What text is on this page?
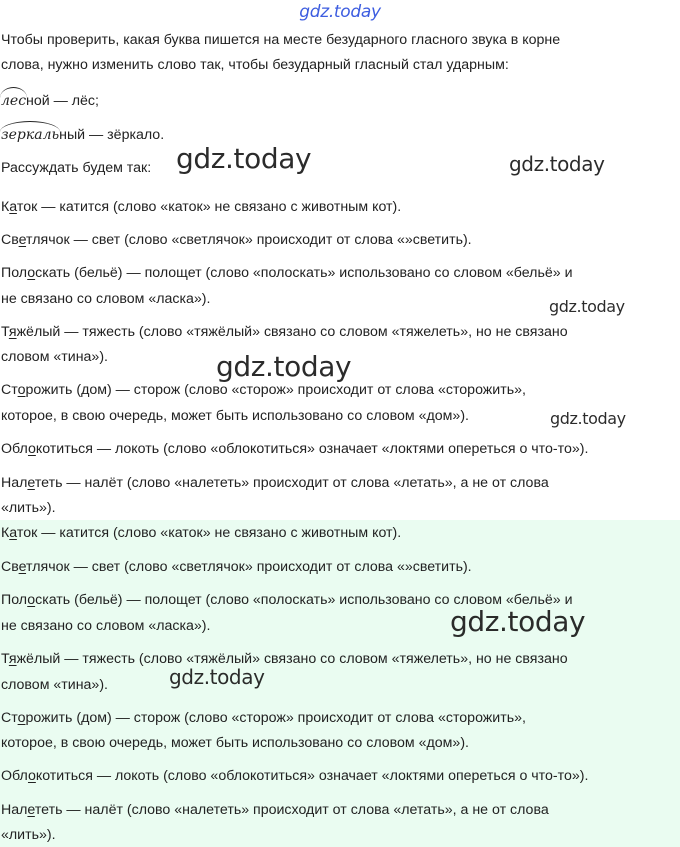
gdz.today
Чтобы проверить, какая буква пишется на месте безударного гласного звука в корне
слова, нужно изменить слово так, чтобы безударный гласный стал ударным:
лесной — лёс;
зеркальный — зёркало.
Рассуждать будем так:
Каток — катится (слово «каток» не связано с животным кот).
Светлячок — свет (слово «светлячок» происходит от слова «»светить).
Полоскать (бельё) — полощет (слово «полоскать» использовано со словом «бельё» и
не связано со словом «ласка»).
Тяжёлый — тяжесть (слово «тяжёлый» связано со словом «тяжелеть», но не связано
словом «тина»).
Сторожить (дом) — сторож (слово «сторож» происходит от слова «сторожить»,
которое, в свою очередь, может быть использовано со словом «дом»).
Облокотиться — локоть (слово «облокотиться» означает «локтями опереться о что-то»).
Налететь — налёт (слово «налететь» происходит от слова «летать», а не от слова
«лить»).
Каток — катится (слово «каток» не связано с животным кот).
Светлячок — свет (слово «светлячок» происходит от слова «»светить).
Полоскать (бельё) — полощет (слово «полоскать» использовано со словом «бельё» и
не связано со словом «ласка»).
Тяжёлый — тяжесть (слово «тяжёлый» связано со словом «тяжелеть», но не связано
словом «тина»).
Сторожить (дом) — сторож (слово «сторож» происходит от слова «сторожить»,
которое, в свою очередь, может быть использовано со словом «дом»).
Облокотиться — локоть (слово «облокотиться» означает «локтями опереться о что-то»).
Налететь — налёт (слово «налететь» происходит от слова «летать», а не от слова
«лить»).
gdz.today	gdz.today
gdz.today
gdz.today
gdz.today
gdz.today
gdz.today
